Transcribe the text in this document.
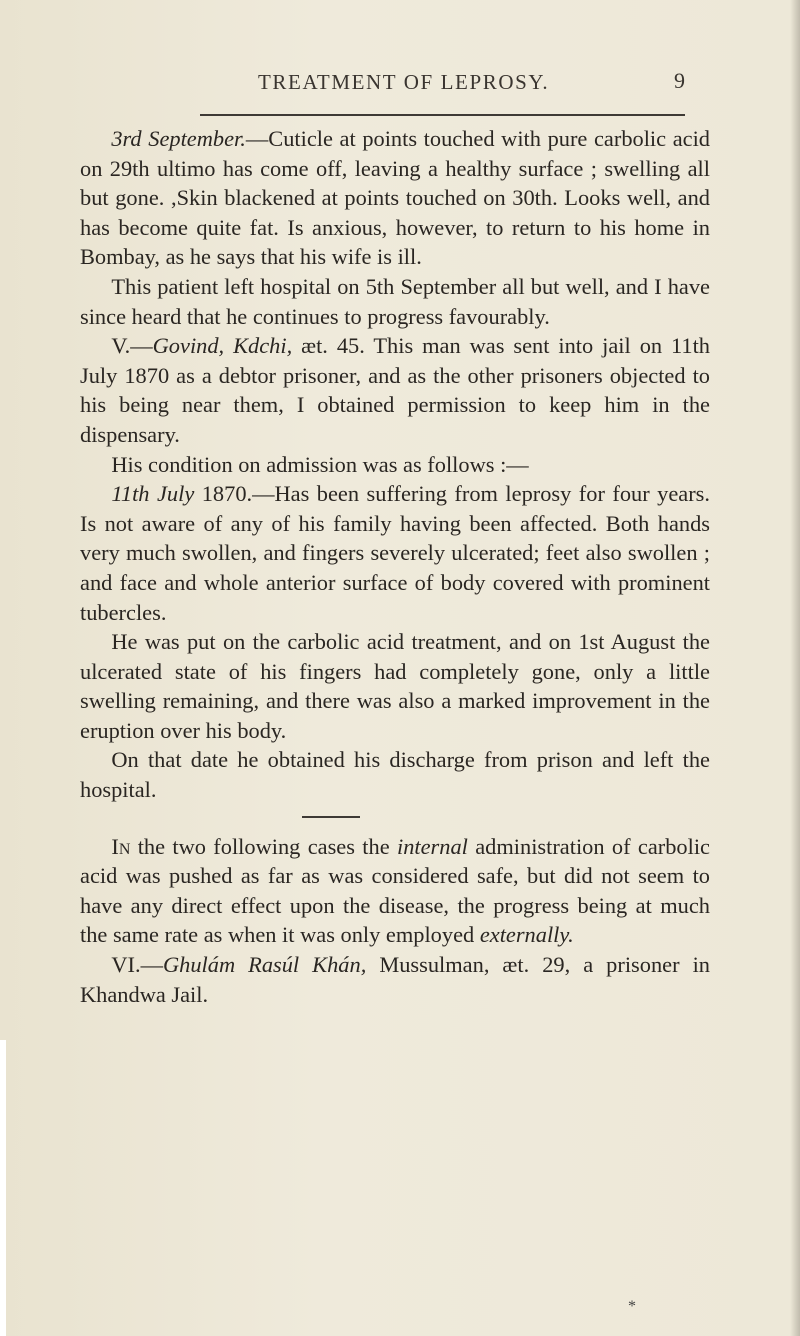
TREATMENT OF LEPROSY.	9

3rd September.—Cuticle at points touched with pure carbolic acid on 29th ultimo has come off, leaving a healthy surface ; swelling all but gone. ,Skin blackened at points touched on 30th. Looks well, and has become quite fat. Is anxious, however, to return to his home in Bombay, as he says that his wife is ill.

This patient left hospital on 5th September all but well, and I have since heard that he continues to progress favourably.

V.—Govind, Kdchi, æt. 45. This man was sent into jail on 11th July 1870 as a debtor prisoner, and as the other prisoners objected to his being near them, I obtained permission to keep him in the dispensary.

His condition on admission was as follows :—

11th July 1870.—Has been suffering from leprosy for four years. Is not aware of any of his family having been affected. Both hands very much swollen, and fingers severely ulcerated; feet also swollen ; and face and whole anterior surface of body covered with prominent tubercles.

He was put on the carbolic acid treatment, and on 1st August the ulcerated state of his fingers had completely gone, only a little swelling remaining, and there was also a marked improvement in the eruption over his body.

On that date he obtained his discharge from prison and left the hospital.

In the two following cases the internal administration of carbolic acid was pushed as far as was considered safe, but did not seem to have any direct effect upon the disease, the progress being at much the same rate as when it was only employed externally.

VI.—Ghulám Rasúl Khán, Mussulman, æt. 29, a prisoner in Khandwa Jail.

*
